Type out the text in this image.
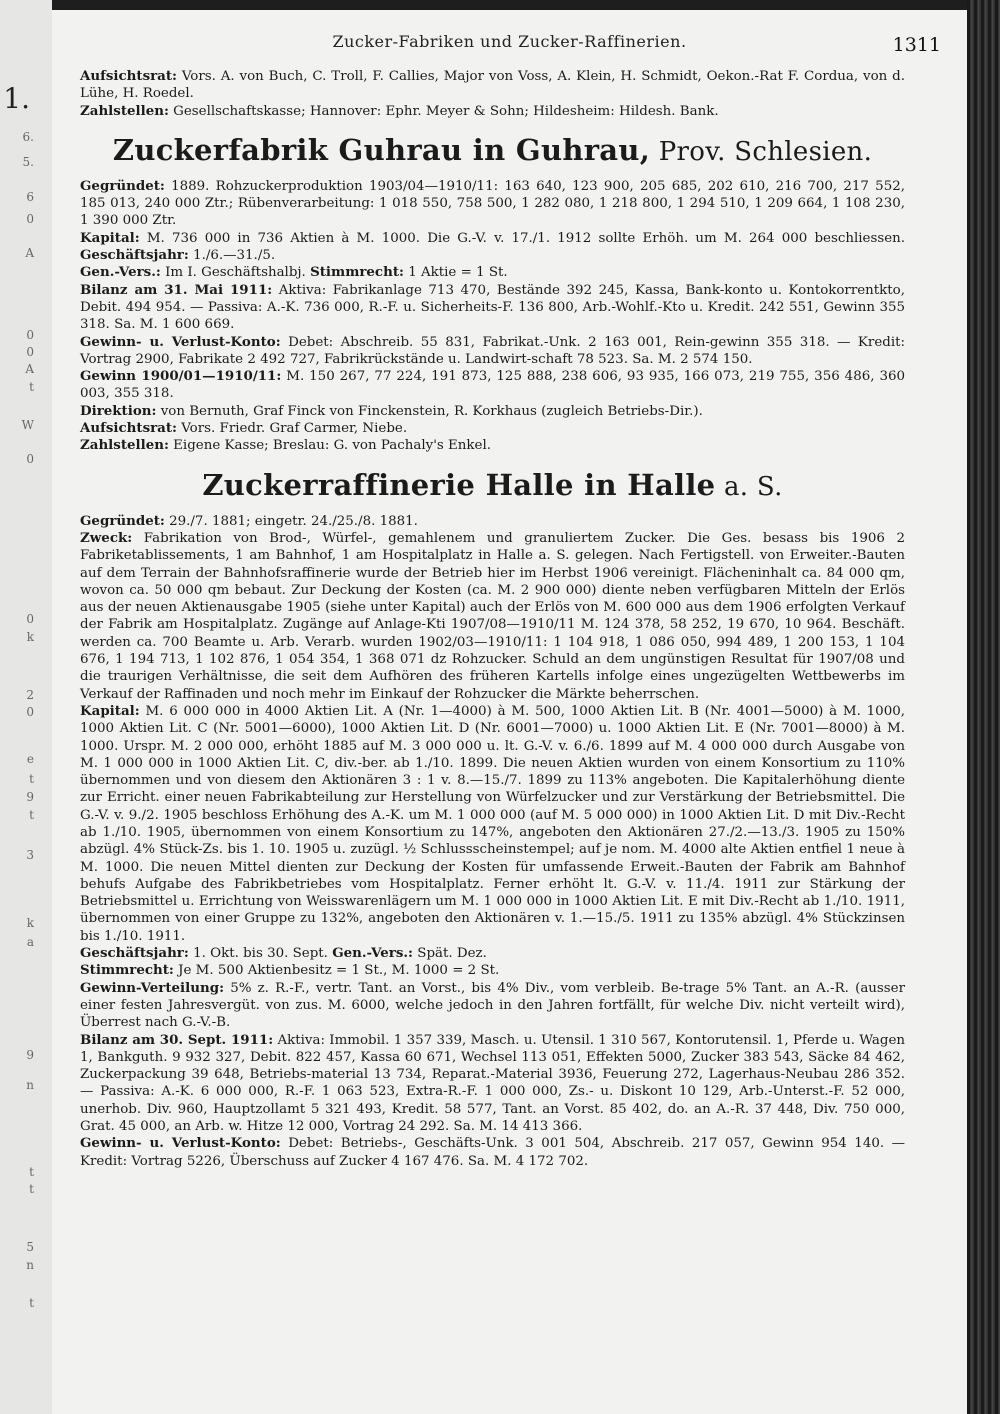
1.
6.
5.
6
0
A
0
0
A
t
W
0
0
k
2
0
e
t
9
t
3
k
a
9
n
t
t
5
n
t
Zucker-Fabriken und Zucker-Raffinerien.	1311

Aufsichtsrat: Vors. A. von Buch, C. Troll, F. Callies, Major von Voss, A. Klein, H. Schmidt, Oekon.-Rat F. Cordua, von d. Lühe, H. Roedel.

Zahlstellen: Gesellschaftskasse; Hannover: Ephr. Meyer & Sohn; Hildesheim: Hildesh. Bank.

Zuckerfabrik Guhrau in Guhrau, Prov. Schlesien.

Gegründet: 1889. Rohzuckerproduktion 1903/04—1910/11: 163 640, 123 900, 205 685, 202 610, 216 700, 217 552, 185 013, 240 000 Ztr.; Rübenverarbeitung: 1 018 550, 758 500, 1 282 080, 1 218 800, 1 294 510, 1 209 664, 1 108 230, 1 390 000 Ztr.

Kapital: M. 736 000 in 736 Aktien à M. 1000. Die G.-V. v. 17./1. 1912 sollte Erhöh. um M. 264 000 beschliessen. Geschäftsjahr: 1./6.—31./5.

Gen.-Vers.: Im I. Geschäftshalbj. Stimmrecht: 1 Aktie = 1 St.

Bilanz am 31. Mai 1911: Aktiva: Fabrikanlage 713 470, Bestände 392 245, Kassa, Bank-konto u. Kontokorrentkto, Debit. 494 954. — Passiva: A.-K. 736 000, R.-F. u. Sicherheits-F. 136 800, Arb.-Wohlf.-Kto u. Kredit. 242 551, Gewinn 355 318. Sa. M. 1 600 669.

Gewinn- u. Verlust-Konto: Debet: Abschreib. 55 831, Fabrikat.-Unk. 2 163 001, Rein-gewinn 355 318. — Kredit: Vortrag 2900, Fabrikate 2 492 727, Fabrikrückstände u. Landwirt-schaft 78 523. Sa. M. 2 574 150.

Gewinn 1900/01—1910/11: M. 150 267, 77 224, 191 873, 125 888, 238 606, 93 935, 166 073, 219 755, 356 486, 360 003, 355 318.

Direktion: von Bernuth, Graf Finck von Finckenstein, R. Korkhaus (zugleich Betriebs-Dir.).

Aufsichtsrat: Vors. Friedr. Graf Carmer, Niebe.

Zahlstellen: Eigene Kasse; Breslau: G. von Pachaly's Enkel.

Zuckerraffinerie Halle in Halle a. S.

Gegründet: 29./7. 1881; eingetr. 24./25./8. 1881.

Zweck: Fabrikation von Brod-, Würfel-, gemahlenem und granuliertem Zucker. Die Ges. besass bis 1906 2 Fabriketablissements, 1 am Bahnhof, 1 am Hospitalplatz in Halle a. S. gelegen. Nach Fertigstell. von Erweiter.-Bauten auf dem Terrain der Bahnhofsraffinerie wurde der Betrieb hier im Herbst 1906 vereinigt. Flächeninhalt ca. 84 000 qm, wovon ca. 50 000 qm bebaut. Zur Deckung der Kosten (ca. M. 2 900 000) diente neben verfügbaren Mitteln der Erlös aus der neuen Aktienausgabe 1905 (siehe unter Kapital) auch der Erlös von M. 600 000 aus dem 1906 erfolgten Verkauf der Fabrik am Hospitalplatz. Zugänge auf Anlage-Kti 1907/08—1910/11 M. 124 378, 58 252, 19 670, 10 964. Beschäft. werden ca. 700 Beamte u. Arb. Verarb. wurden 1902/03—1910/11: 1 104 918, 1 086 050, 994 489, 1 200 153, 1 104 676, 1 194 713, 1 102 876, 1 054 354, 1 368 071 dz Rohzucker. Schuld an dem ungünstigen Resultat für 1907/08 und die traurigen Verhältnisse, die seit dem Aufhören des früheren Kartells infolge eines ungezügelten Wettbewerbs im Verkauf der Raffinaden und noch mehr im Einkauf der Rohzucker die Märkte beherrschen.

Kapital: M. 6 000 000 in 4000 Aktien Lit. A (Nr. 1—4000) à M. 500, 1000 Aktien Lit. B (Nr. 4001—5000) à M. 1000, 1000 Aktien Lit. C (Nr. 5001—6000), 1000 Aktien Lit. D (Nr. 6001—7000) u. 1000 Aktien Lit. E (Nr. 7001—8000) à M. 1000. Urspr. M. 2 000 000, erhöht 1885 auf M. 3 000 000 u. lt. G.-V. v. 6./6. 1899 auf M. 4 000 000 durch Ausgabe von M. 1 000 000 in 1000 Aktien Lit. C, div.-ber. ab 1./10. 1899. Die neuen Aktien wurden von einem Konsortium zu 110% übernommen und von diesem den Aktionären 3 : 1 v. 8.—15./7. 1899 zu 113% angeboten. Die Kapitalerhöhung diente zur Erricht. einer neuen Fabrikabteilung zur Herstellung von Würfelzucker und zur Verstärkung der Betriebsmittel. Die G.-V. v. 9./2. 1905 beschloss Erhöhung des A.-K. um M. 1 000 000 (auf M. 5 000 000) in 1000 Aktien Lit. D mit Div.-Recht ab 1./10. 1905, übernommen von einem Konsortium zu 147%, angeboten den Aktionären 27./2.—13./3. 1905 zu 150% abzügl. 4% Stück-Zs. bis 1. 10. 1905 u. zuzügl. ½ Schlussscheinstempel; auf je nom. M. 4000 alte Aktien entfiel 1 neue à M. 1000. Die neuen Mittel dienten zur Deckung der Kosten für umfassende Erweit.-Bauten der Fabrik am Bahnhof behufs Aufgabe des Fabrikbetriebes vom Hospitalplatz. Ferner erhöht lt. G.-V. v. 11./4. 1911 zur Stärkung der Betriebsmittel u. Errichtung von Weisswarenlägern um M. 1 000 000 in 1000 Aktien Lit. E mit Div.-Recht ab 1./10. 1911, übernommen von einer Gruppe zu 132%, angeboten den Aktionären v. 1.—15./5. 1911 zu 135% abzügl. 4% Stückzinsen bis 1./10. 1911.

Geschäftsjahr: 1. Okt. bis 30. Sept. Gen.-Vers.: Spät. Dez.

Stimmrecht: Je M. 500 Aktienbesitz = 1 St., M. 1000 = 2 St.

Gewinn-Verteilung: 5% z. R.-F., vertr. Tant. an Vorst., bis 4% Div., vom verbleib. Be-trage 5% Tant. an A.-R. (ausser einer festen Jahresvergüt. von zus. M. 6000, welche jedoch in den Jahren fortfällt, für welche Div. nicht verteilt wird), Überrest nach G.-V.-B.

Bilanz am 30. Sept. 1911: Aktiva: Immobil. 1 357 339, Masch. u. Utensil. 1 310 567, Kontorutensil. 1, Pferde u. Wagen 1, Bankguth. 9 932 327, Debit. 822 457, Kassa 60 671, Wechsel 113 051, Effekten 5000, Zucker 383 543, Säcke 84 462, Zuckerpackung 39 648, Betriebs-material 13 734, Reparat.-Material 3936, Feuerung 272, Lagerhaus-Neubau 286 352. — Passiva: A.-K. 6 000 000, R.-F. 1 063 523, Extra-R.-F. 1 000 000, Zs.- u. Diskont 10 129, Arb.-Unterst.-F. 52 000, unerhob. Div. 960, Hauptzollamt 5 321 493, Kredit. 58 577, Tant. an Vorst. 85 402, do. an A.-R. 37 448, Div. 750 000, Grat. 45 000, an Arb. w. Hitze 12 000, Vortrag 24 292. Sa. M. 14 413 366.

Gewinn- u. Verlust-Konto: Debet: Betriebs-, Geschäfts-Unk. 3 001 504, Abschreib. 217 057, Gewinn 954 140. — Kredit: Vortrag 5226, Überschuss auf Zucker 4 167 476. Sa. M. 4 172 702.
